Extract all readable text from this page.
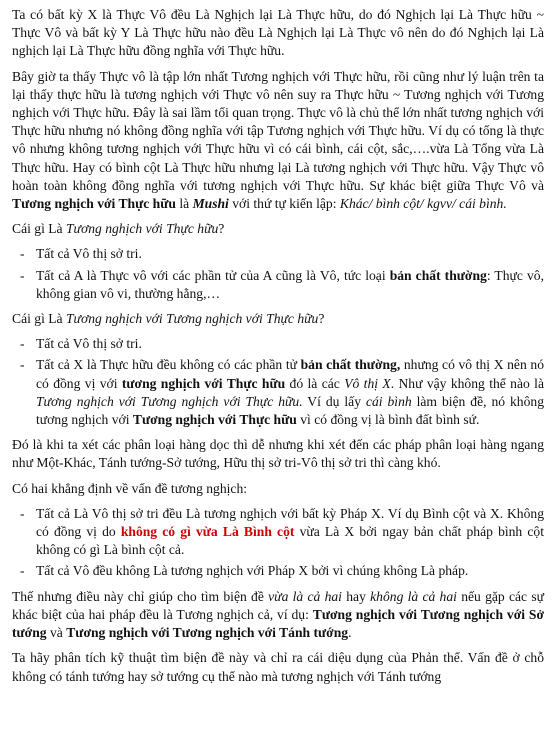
Ta có bất kỳ X là Thực Vô đều Là Nghịch lại Là Thực hữu, do đó Nghịch lại Là Thực hữu ~ Thực Vô và bất kỳ Y Là Thực hữu nào đều Là Nghịch lại Là Thực vô nên do đó Nghịch lại Là nghịch lại Là Thực hữu đồng nghĩa với Thực hữu.

Bây giờ ta thấy Thực vô là tập lớn nhất Tương nghịch với Thực hữu, rồi cũng như lý luận trên ta lại thấy thực hữu là tương nghịch với Thực vô nên suy ra Thực hữu ~ Tương nghịch với Tương nghịch với Thực hữu. Đây là sai lầm tối quan trọng. Thực vô là chủ thể lớn nhất tương nghịch với Thực hữu nhưng nó không đồng nghĩa với tập Tương nghịch với Thực hữu. Ví dụ có tổng là thực vô nhưng không tương nghịch với Thực hữu vì có cái bình, cái cột, sắc,….vừa Là Tổng vừa Là Thực hữu. Hay có bình cột Là Thực hữu nhưng lại Là tương nghịch với Thực hữu. Vậy Thực vô hoàn toàn không đồng nghĩa với tương nghịch với Thực hữu. Sự khác biệt giữa Thực Vô và Tương nghịch với Thực hữu là Mushi với thứ tự kiến lập: Khác/ bình cột/ kgvv/ cái bình.

Cái gì Là Tương nghịch với Thực hữu?

- Tất cả Vô thị sở tri.
- Tất cả A là Thực vô với các phần tử của A cũng là Vô, tức loại bản chất thường: Thực vô, không gian vô vi, thường hằng,…

Cái gì Là Tương nghịch với Tương nghịch với Thực hữu?

- Tất cả Vô thị sở tri.
- Tất cả X là Thực hữu đều không có các phần tử bản chất thường, nhưng có vô thị X nên nó có đồng vị với tương nghịch với Thực hữu đó là các Vô thị X. Như vậy không thể nào là Tương nghịch với Tương nghịch với Thực hữu. Ví dụ lấy cái bình làm biện đề, nó không tương nghịch với Tương nghịch với Thực hữu vì có đồng vị là bình đất bình sứ.

Đó là khi ta xét các phân loại hàng dọc thì dễ nhưng khi xét đến các pháp phân loại hàng ngang như Một-Khác, Tánh tướng-Sở tướng, Hữu thị sở tri-Vô thị sở tri thì càng khó.

Có hai khẳng định về vấn đề tương nghịch:

- Tất cả Là Vô thị sở tri đều Là tương nghịch với bất kỳ Pháp X. Ví dụ Bình cột và X. Không có đồng vị do không có gì vừa Là Bình cột vừa Là X bởi ngay bản chất pháp bình cột không có gì Là bình cột cả.
- Tất cả Vô đều không Là tương nghịch với Pháp X bởi vì chúng không Là pháp.

Thế nhưng điều này chỉ giúp cho tìm biện đề vừa là cả hai hay không là cả hai nếu gặp các sự khác biệt của hai pháp đều là Tương nghịch cả, ví dụ: Tương nghịch với Tương nghịch với Sở tướng và Tương nghịch với Tương nghịch với Tánh tướng.

Ta hãy phân tích kỹ thuật tìm biện đề này và chỉ ra cái diệu dụng của Phản thể. Vấn đề ở chỗ không có tánh tướng hay sở tướng cụ thể nào mà tương nghịch với Tánh tướng
